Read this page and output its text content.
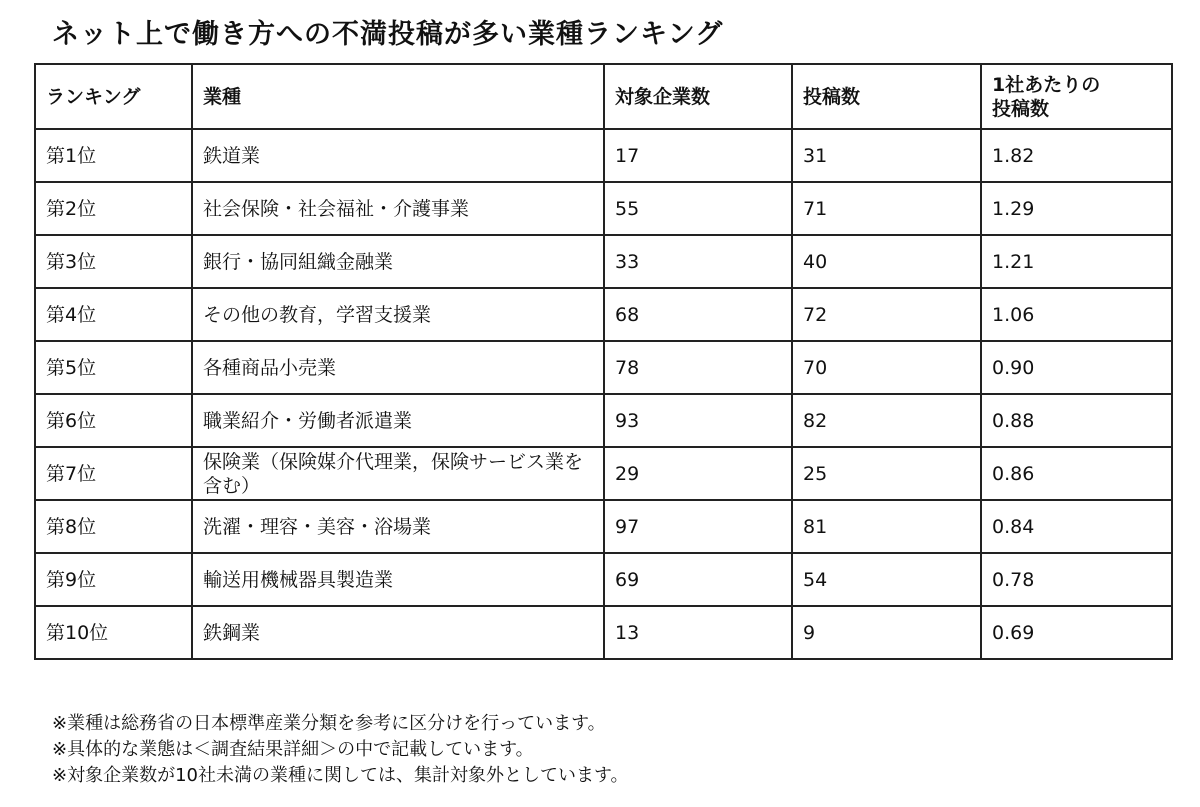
ネット上で働き方への不満投稿が多い業種ランキング
ランキング	業種	対象企業数	投稿数	1社あたりの
投稿数
第1位	鉄道業	17	31	1.82
第2位	社会保険・社会福祉・介護事業	55	71	1.29
第3位	銀行・協同組織金融業	33	40	1.21
第4位	その他の教育，学習支援業	68	72	1.06
第5位	各種商品小売業	78	70	0.90
第6位	職業紹介・労働者派遣業	93	82	0.88
第7位	保険業（保険媒介代理業，保険サービス業を含む）	29	25	0.86
第8位	洗濯・理容・美容・浴場業	97	81	0.84
第9位	輸送用機械器具製造業	69	54	0.78
第10位	鉄鋼業	13	9	0.69
※業種は総務省の日本標準産業分類を参考に区分けを行っています。
※具体的な業態は＜調査結果詳細＞の中で記載しています。
※対象企業数が10社未満の業種に関しては、集計対象外としています。
